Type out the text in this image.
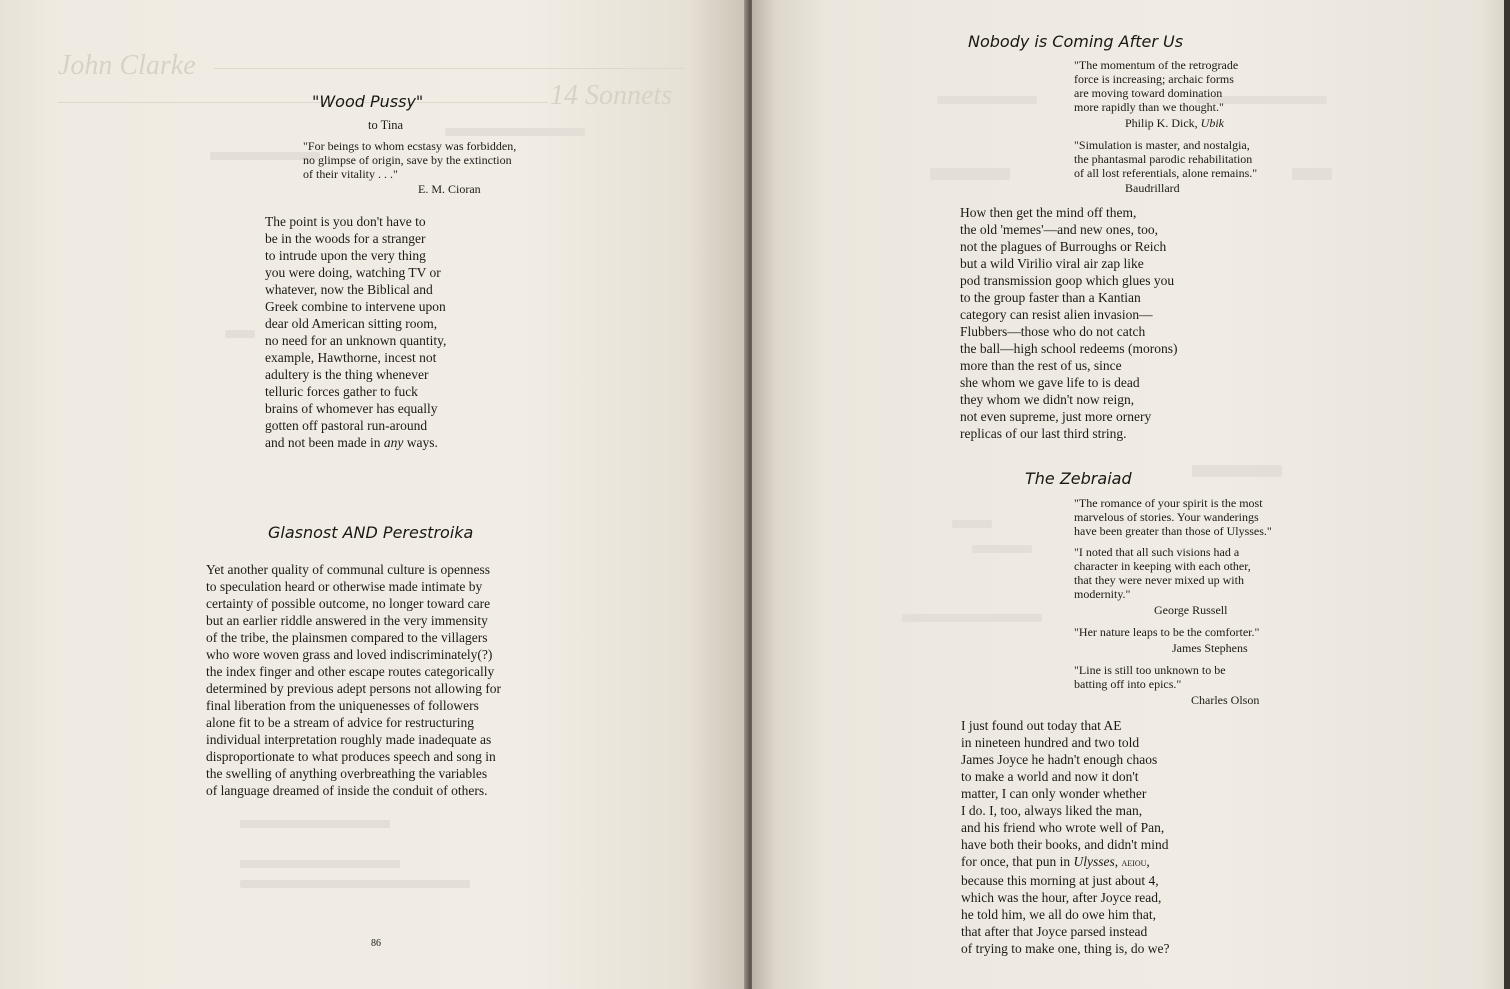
John Clarke
14 Sonnets
"Wood Pussy"
to Tina
"For beings to whom ecstasy was forbidden,
no glimpse of origin, save by the extinction
of their vitality . . ."
E. M. Cioran
The point is you don't have to
be in the woods for a stranger
to intrude upon the very thing
you were doing, watching TV or
whatever, now the Biblical and
Greek combine to intervene upon
dear old American sitting room,
no need for an unknown quantity,
example, Hawthorne, incest not
adultery is the thing whenever
telluric forces gather to fuck
brains of whomever has equally
gotten off pastoral run-around
and not been made in any ways.
Glasnost AND Perestroika
Yet another quality of communal culture is openness
to speculation heard or otherwise made intimate by
certainty of possible outcome, no longer toward care
but an earlier riddle answered in the very immensity
of the tribe, the plainsmen compared to the villagers
who wore woven grass and loved indiscriminately(?)
the index finger and other escape routes categorically
determined by previous adept persons not allowing for
final liberation from the uniquenesses of followers
alone fit to be a stream of advice for restructuring
individual interpretation roughly made inadequate as
disproportionate to what produces speech and song in
the swelling of anything overbreathing the variables
of language dreamed of inside the conduit of others.
86
Nobody is Coming After Us
"The momentum of the retrograde
force is increasing; archaic forms
are moving toward domination
more rapidly than we thought."
Philip K. Dick, Ubik
"Simulation is master, and nostalgia,
the phantasmal parodic rehabilitation
of all lost referentials, alone remains."
Baudrillard
How then get the mind off them,
the old 'memes'—and new ones, too,
not the plagues of Burroughs or Reich
but a wild Virilio viral air zap like
pod transmission goop which glues you
to the group faster than a Kantian
category can resist alien invasion—
Flubbers—those who do not catch
the ball—high school redeems (morons)
more than the rest of us, since
she whom we gave life to is dead
they whom we didn't now reign,
not even supreme, just more ornery
replicas of our last third string.
The Zebraiad
"The romance of your spirit is the most
marvelous of stories. Your wanderings
have been greater than those of Ulysses."
"I noted that all such visions had a
character in keeping with each other,
that they were never mixed up with
modernity."
George Russell
"Her nature leaps to be the comforter."
James Stephens
"Line is still too unknown to be
batting off into epics."
Charles Olson
I just found out today that AE
in nineteen hundred and two told
James Joyce he hadn't enough chaos
to make a world and now it don't
matter, I can only wonder whether
I do. I, too, always liked the man,
and his friend who wrote well of Pan,
have both their books, and didn't mind
for once, that pun in Ulysses, aeiou,
because this morning at just about 4,
which was the hour, after Joyce read,
he told him, we all do owe him that,
that after that Joyce parsed instead
of trying to make one, thing is, do we?
